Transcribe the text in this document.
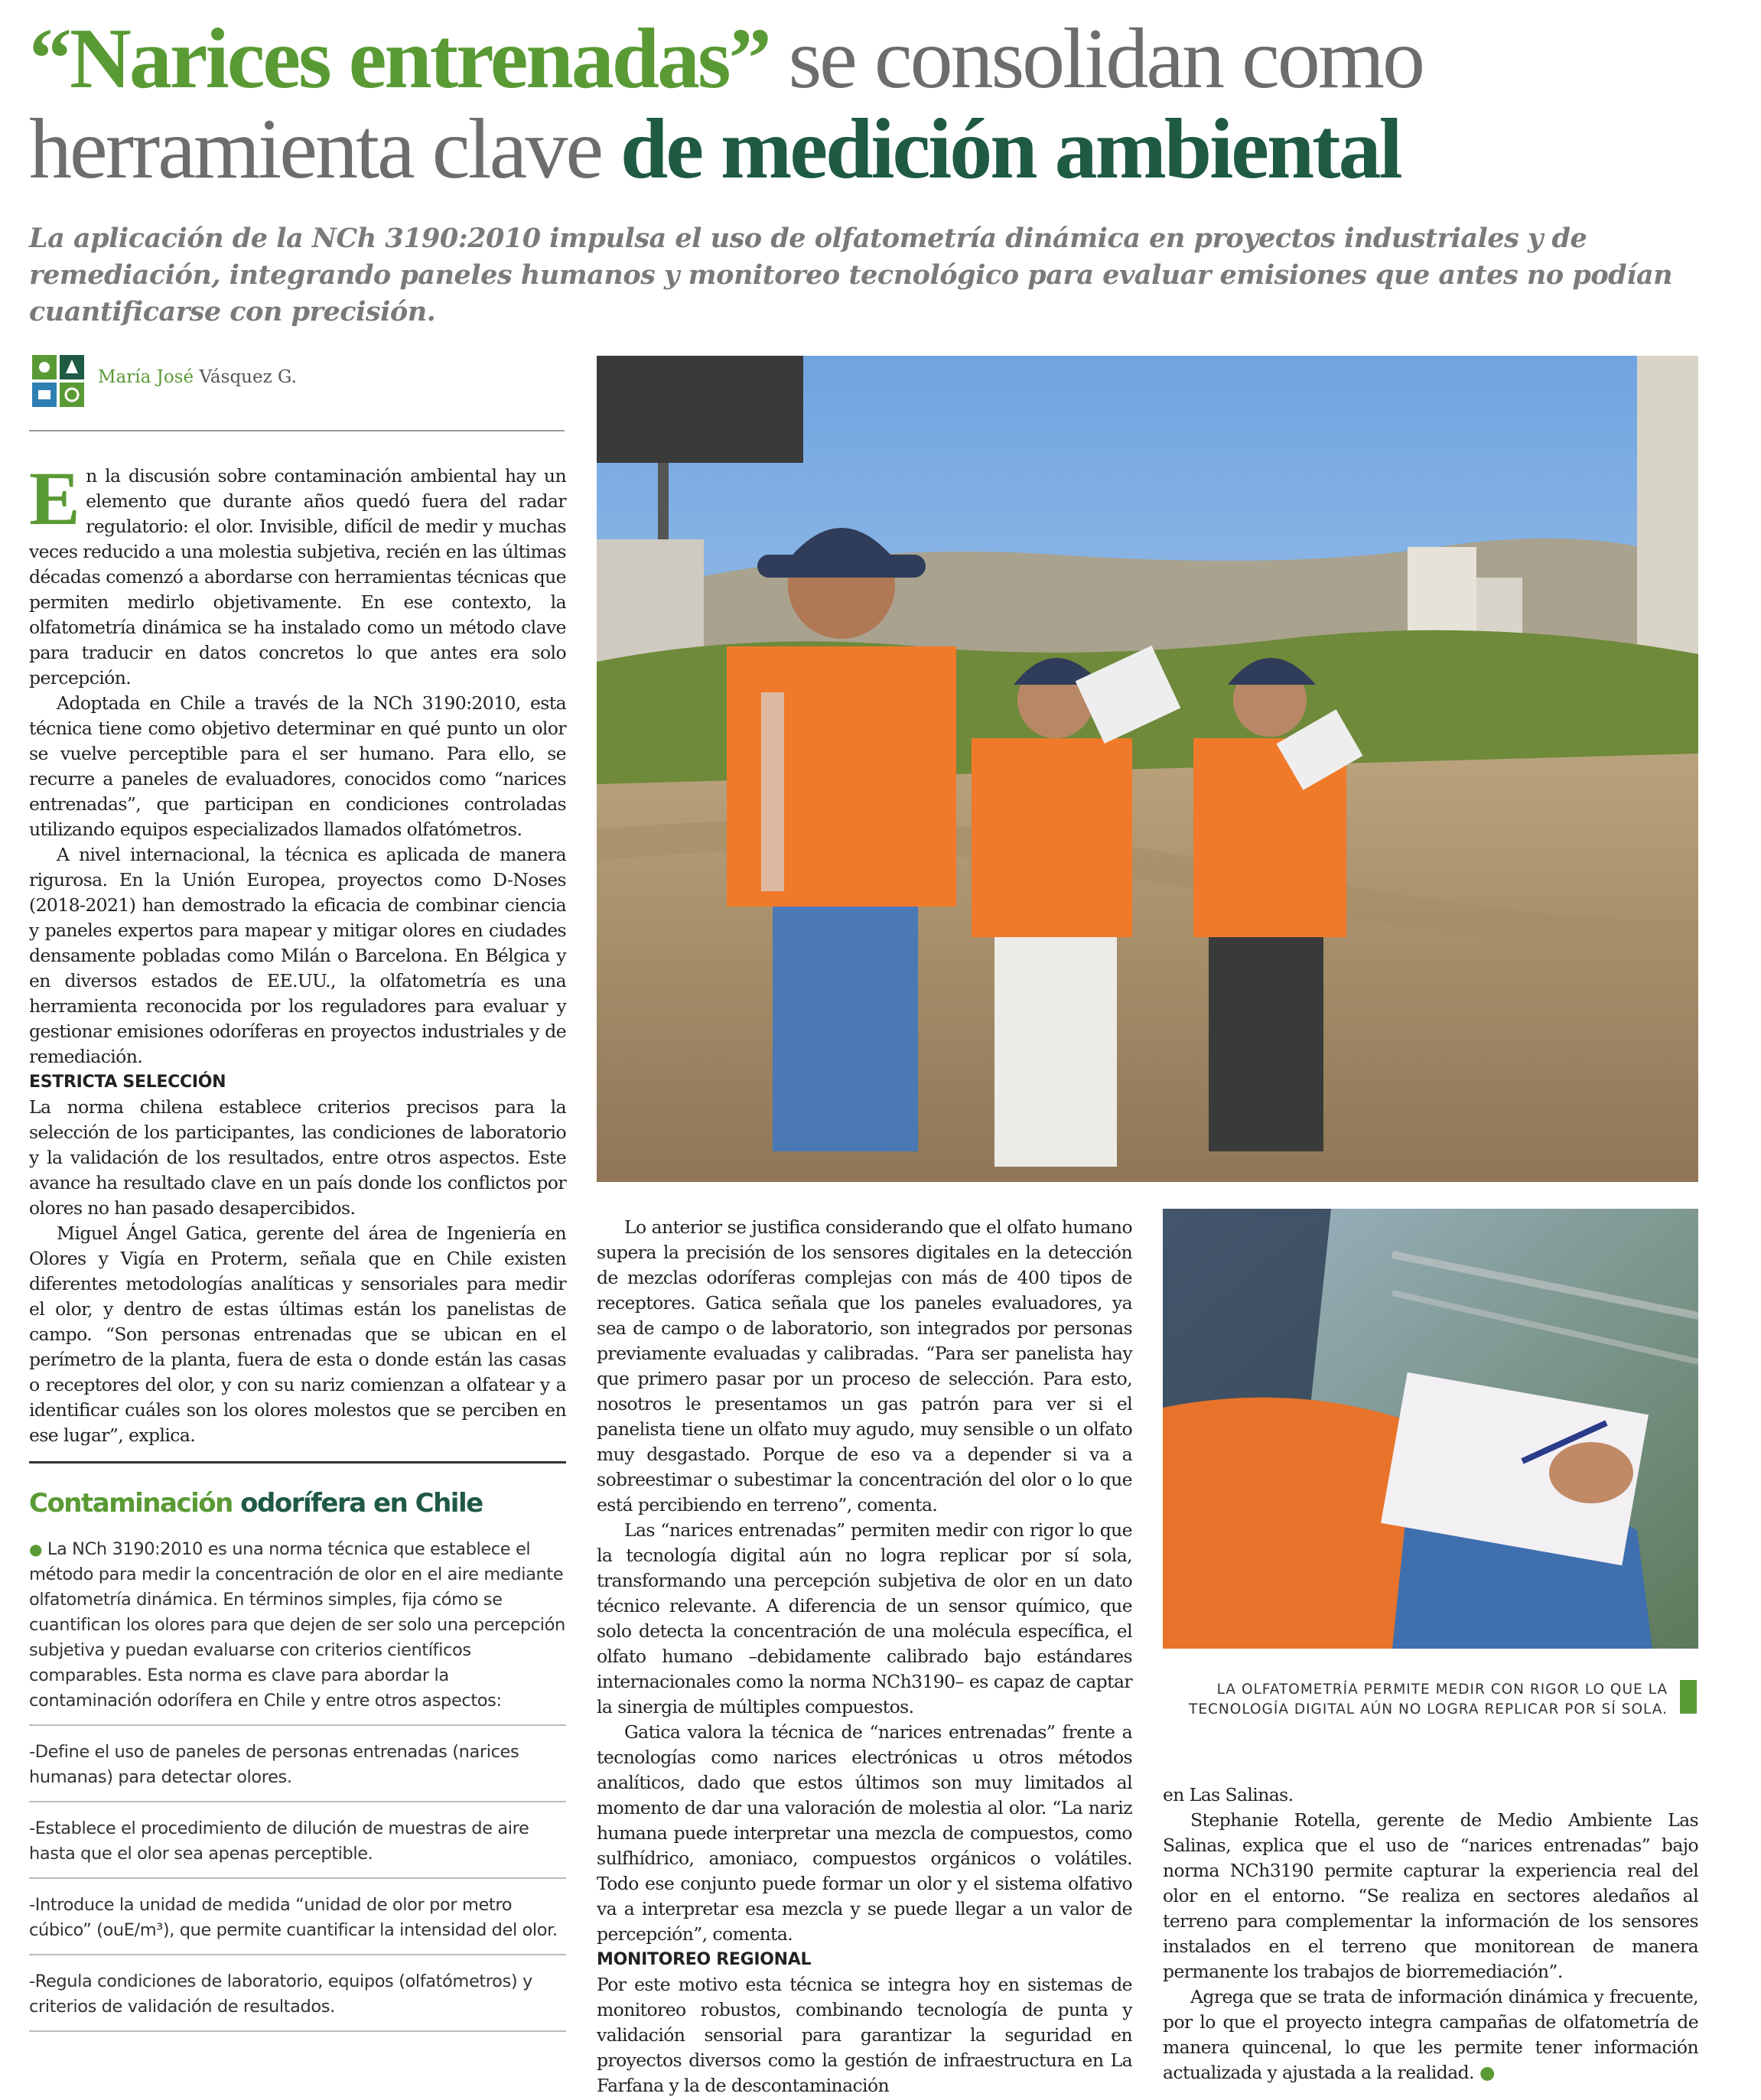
“Narices entrenadas” se consolidan como
herramienta clave de medición ambiental
La aplicación de la NCh 3190:2010 impulsa el uso de olfatometría dinámica en proyectos industriales y de remediación, integrando paneles humanos y monitoreo tecnológico para evaluar emisiones que antes no podían cuantificarse con precisión.
María José Vásquez G.

En la discusión sobre contaminación ambiental hay un elemento que durante años quedó fuera del radar regulatorio: el olor. Invisible, difícil de medir y muchas veces reducido a una molestia subjetiva, recién en las últimas décadas comenzó a abordarse con herramientas técnicas que permiten medirlo objetivamente. En ese contexto, la olfatometría dinámica se ha instalado como un método clave para traducir en datos concretos lo que antes era solo percepción.

Adoptada en Chile a través de la NCh 3190:2010, esta técnica tiene como objetivo determinar en qué punto un olor se vuelve perceptible para el ser humano. Para ello, se recurre a paneles de evaluadores, conocidos como “narices entrenadas”, que participan en condiciones controladas utilizando equipos especializados llamados olfatómetros.

A nivel internacional, la técnica es aplicada de manera rigurosa. En la Unión Europea, proyectos como D-Noses (2018-2021) han demostrado la eficacia de combinar ciencia y paneles expertos para mapear y mitigar olores en ciudades densamente pobladas como Milán o Barcelona. En Bélgica y en diversos estados de EE.UU., la olfatometría es una herramienta reconocida por los reguladores para evaluar y gestionar emisiones odoríferas en proyectos industriales y de remediación.

ESTRICTA SELECCIÓN

La norma chilena establece criterios precisos para la selección de los participantes, las condiciones de laboratorio y la validación de los resultados, entre otros aspectos. Este avance ha resultado clave en un país donde los conflictos por olores no han pasado desapercibidos.

Miguel Ángel Gatica, gerente del área de Ingeniería en Olores y Vigía en Proterm, señala que en Chile existen diferentes metodologías analíticas y sensoriales para medir el olor, y dentro de estas últimas están los panelistas de campo. “Son personas entrenadas que se ubican en el perímetro de la planta, fuera de esta o donde están las casas o receptores del olor, y con su nariz comienzan a olfatear y a identificar cuáles son los olores molestos que se perciben en ese lugar”, explica.

Contaminación odorífera en Chile
● La NCh 3190:2010 es una norma técnica que establece el método para medir la concentración de olor en el aire mediante olfatometría dinámica. En términos simples, fija cómo se cuantifican los olores para que dejen de ser solo una percepción subjetiva y puedan evaluarse con criterios científicos comparables. Esta norma es clave para abordar la contaminación odorífera en Chile y entre otros aspectos:
-Define el uso de paneles de personas entrenadas (narices humanas) para detectar olores.
-Establece el procedimiento de dilución de muestras de aire hasta que el olor sea apenas perceptible.
-Introduce la unidad de medida “unidad de olor por metro cúbico” (ouE/m³), que permite cuantificar la intensidad del olor.
-Regula condiciones de laboratorio, equipos (olfatómetros) y criterios de validación de resultados.

Lo anterior se justifica considerando que el olfato humano supera la precisión de los sensores digitales en la detección de mezclas odoríferas complejas con más de 400 tipos de receptores. Gatica señala que los paneles evaluadores, ya sea de campo o de laboratorio, son integrados por personas previamente evaluadas y calibradas. “Para ser panelista hay que primero pasar por un proceso de selección. Para esto, nosotros le presentamos un gas patrón para ver si el panelista tiene un olfato muy agudo, muy sensible o un olfato muy desgastado. Porque de eso va a depender si va a sobreestimar o subestimar la concentración del olor o lo que está percibiendo en terreno”, comenta.

Las “narices entrenadas” permiten medir con rigor lo que la tecnología digital aún no logra replicar por sí sola, transformando una percepción subjetiva de olor en un dato técnico relevante. A diferencia de un sensor químico, que solo detecta la concentración de una molécula específica, el olfato humano –debidamente calibrado bajo estándares internacionales como la norma NCh3190– es capaz de captar la sinergia de múltiples compuestos.

Gatica valora la técnica de “narices entrenadas” frente a tecnologías como narices electrónicas u otros métodos analíticos, dado que estos últimos son muy limitados al momento de dar una valoración de molestia al olor. “La nariz humana puede interpretar una mezcla de compuestos, como sulfhídrico, amoniaco, compuestos orgánicos o volátiles. Todo ese conjunto puede formar un olor y el sistema olfativo va a interpretar esa mezcla y se puede llegar a un valor de percepción”, comenta.

MONITOREO REGIONAL

Por este motivo esta técnica se integra hoy en sistemas de monitoreo robustos, combinando tecnología de punta y validación sensorial para garantizar la seguridad en proyectos diversos como la gestión de infraestructura en La Farfana y la de descontaminación

LA OLFATOMETRÍA PERMITE MEDIR CON RIGOR LO QUE LA TECNOLOGÍA DIGITAL AÚN NO LOGRA REPLICAR POR SÍ SOLA.

en Las Salinas.

Stephanie Rotella, gerente de Medio Ambiente Las Salinas, explica que el uso de “narices entrenadas” bajo norma NCh3190 permite capturar la experiencia real del olor en el entorno. “Se realiza en sectores aledaños al terreno para complementar la información de los sensores instalados en el terreno que monitorean de manera permanente los trabajos de biorremediación”.

Agrega que se trata de información dinámica y frecuente, por lo que el proyecto integra campañas de olfatometría de manera quincenal, lo que les permite tener información actualizada y ajustada a la realidad. ●
